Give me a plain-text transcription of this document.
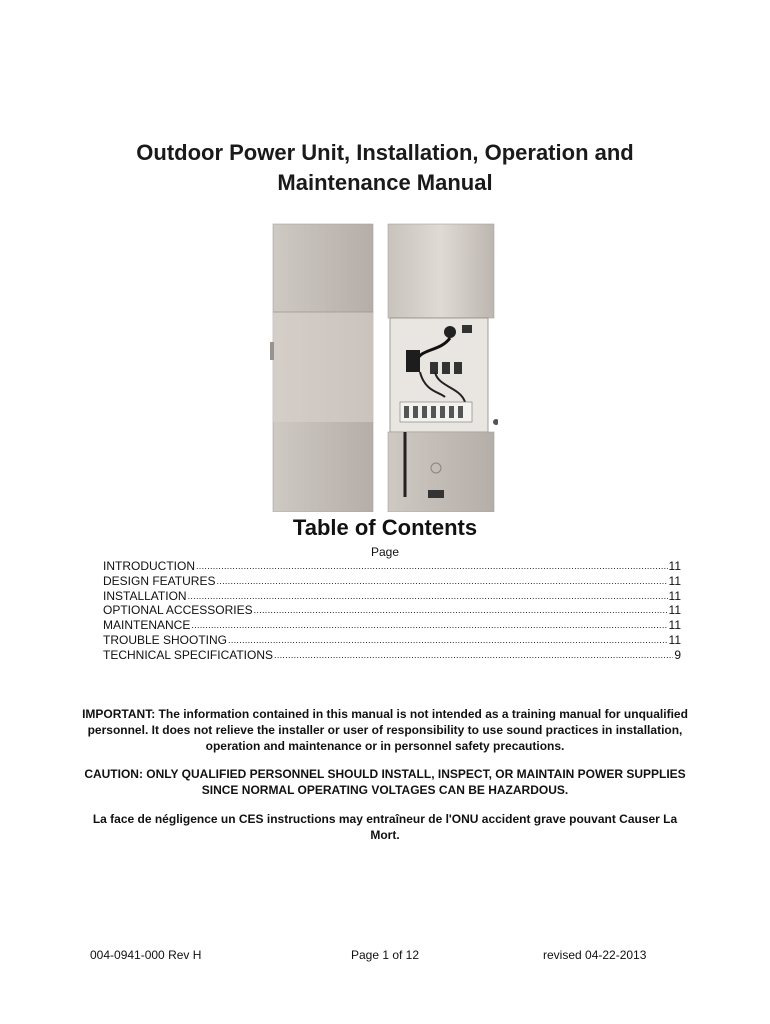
Outdoor Power Unit, Installation, Operation and
Maintenance Manual
Table of Contents
Page
INTRODUCTION .....	11
DESIGN FEATURES .....	11
INSTALLATION .....	11
OPTIONAL ACCESSORIES .....	11
MAINTENANCE .....	11
TROUBLE SHOOTING .....	11
TECHNICAL SPECIFICATIONS .....	9
IMPORTANT: The information contained in this manual is not intended as a training manual for unqualified personnel. It does not relieve the installer or user of responsibility to use sound practices in installation, operation and maintenance or in personnel safety precautions.
CAUTION: ONLY QUALIFIED PERSONNEL SHOULD INSTALL, INSPECT, OR MAINTAIN POWER SUPPLIES SINCE NORMAL OPERATING VOLTAGES CAN BE HAZARDOUS.
La face de négligence un CES instructions may entraîneur de l'ONU accident grave pouvant Causer La Mort.
004-0941-000 Rev H	Page 1 of 12	revised 04-22-2013
